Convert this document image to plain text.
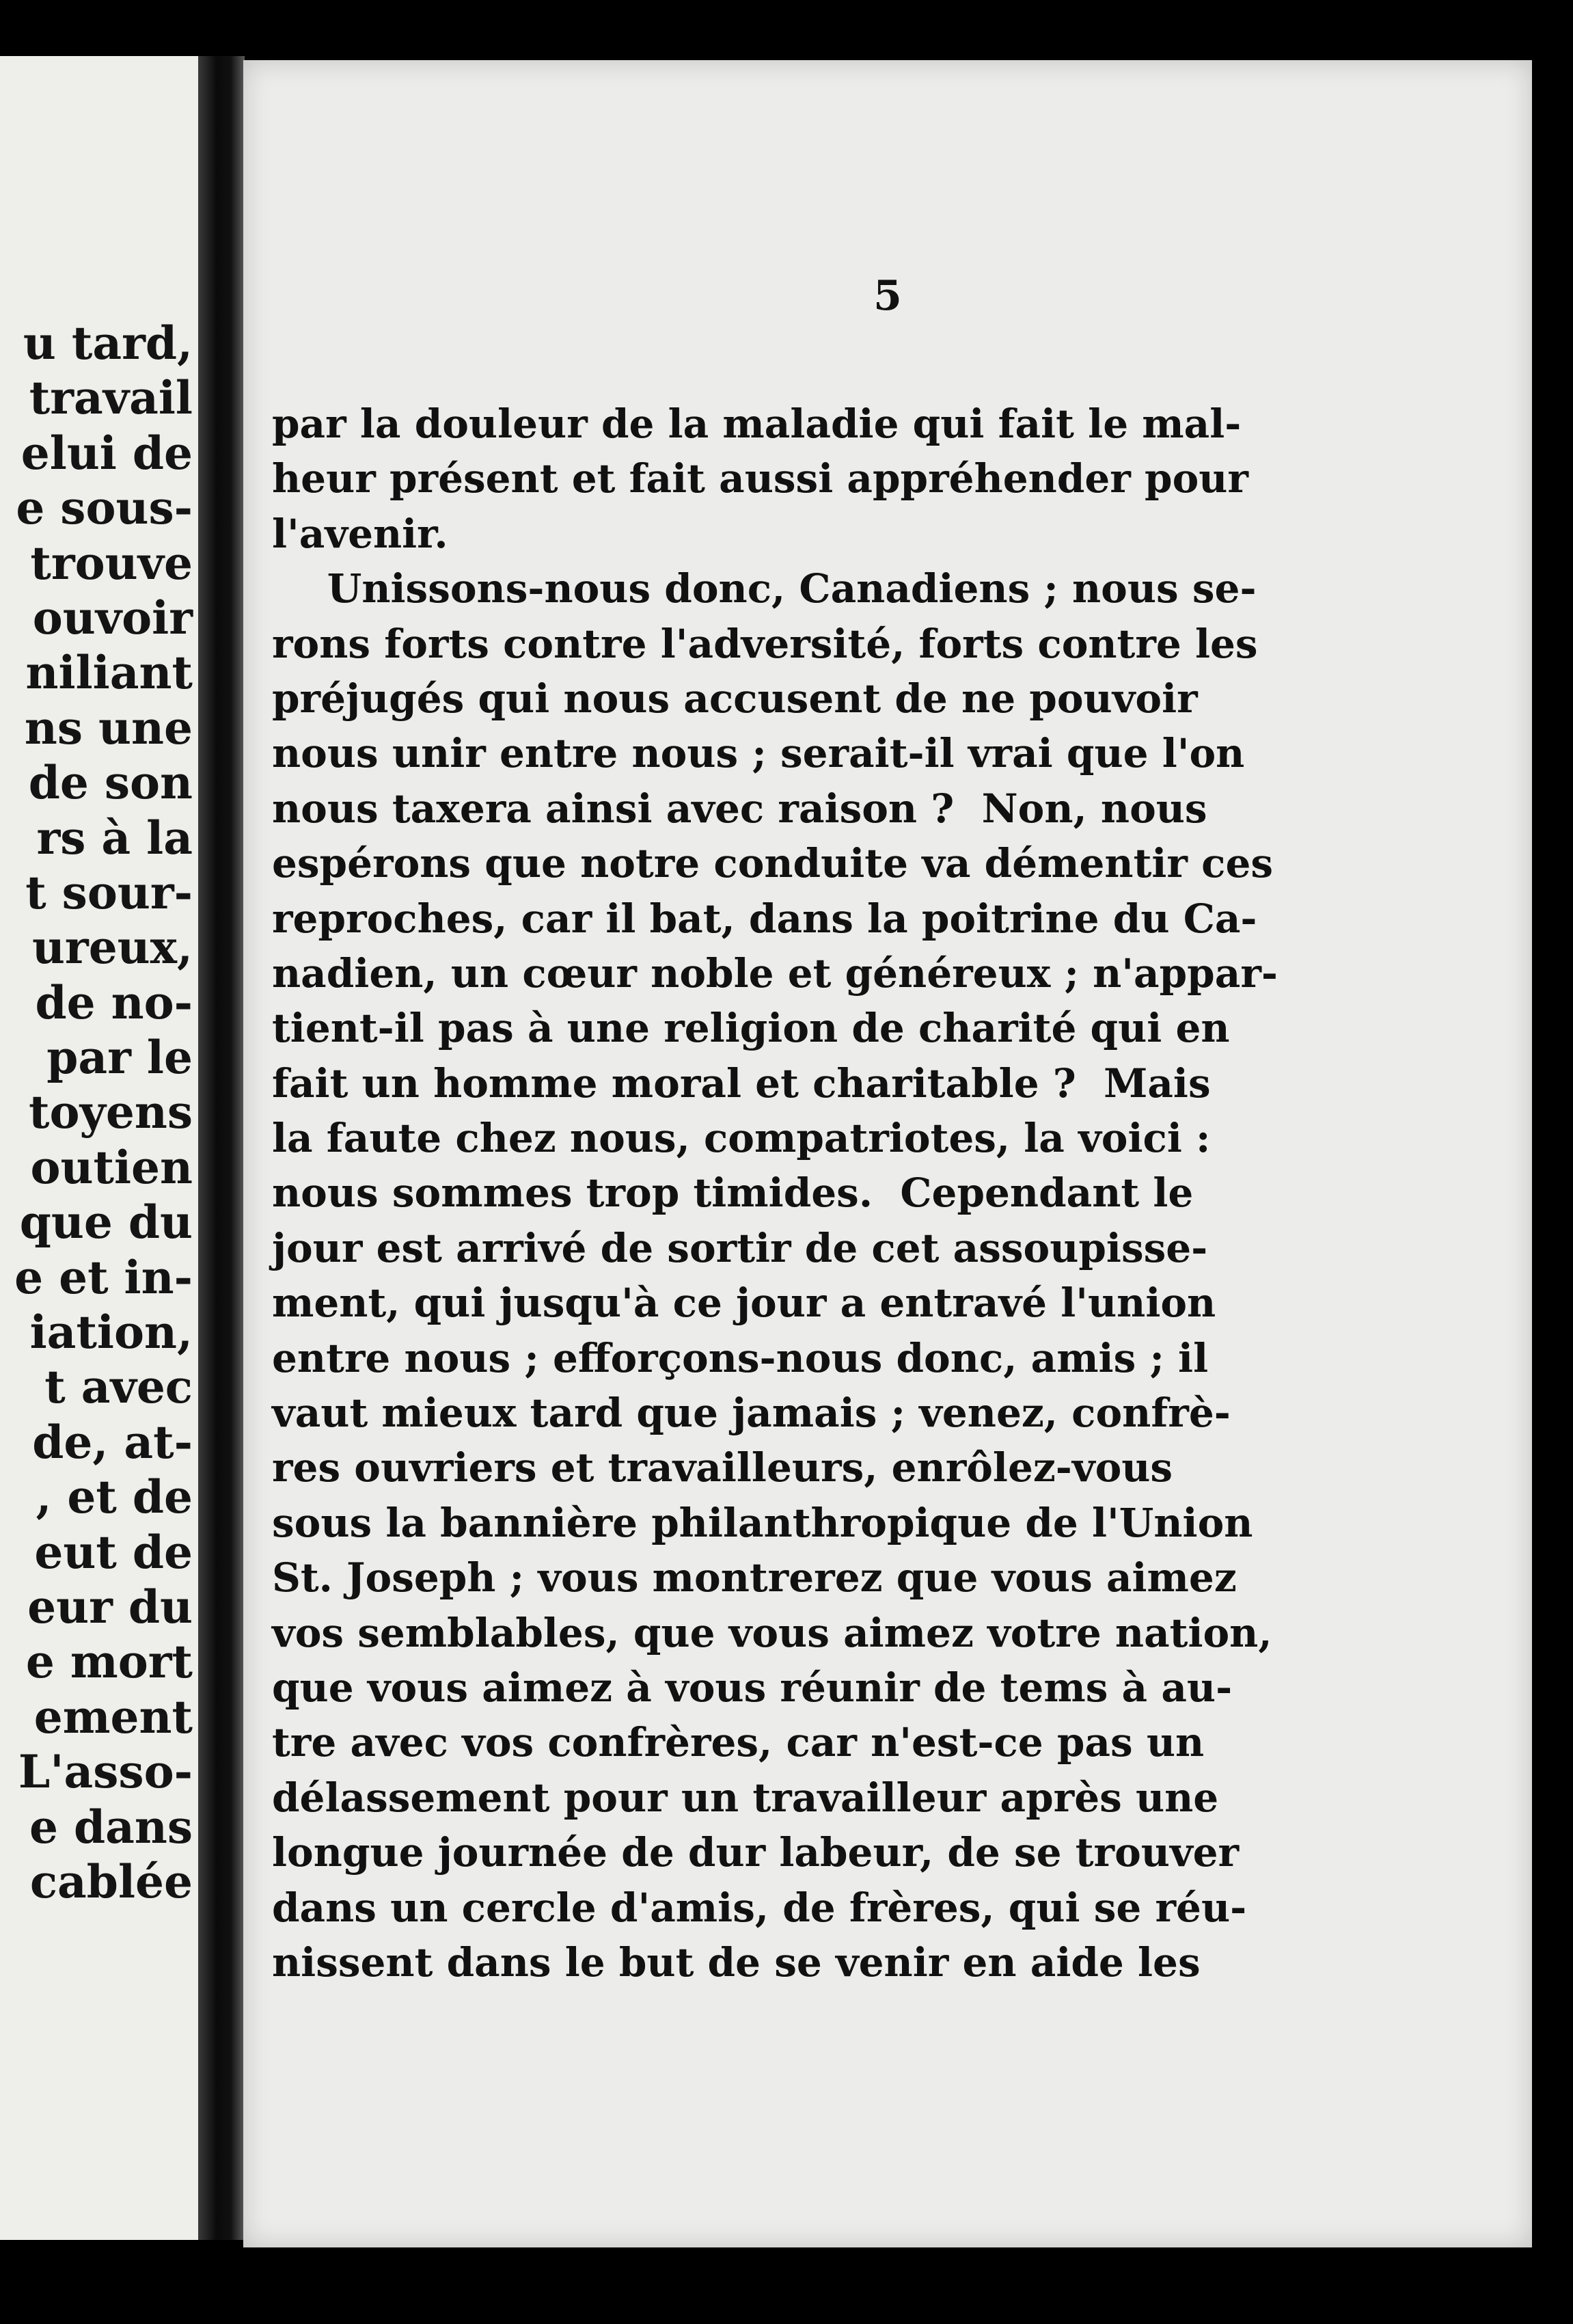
u tard,
travail
elui de
e sous-
trouve
ouvoir
niliant
ns une
de son
rs à la
t sour-
ureux,
de no-
par le
toyens
outien
que du
e et in-
iation,
t avec
de, at-
, et de
eut de
eur du
e mort
ement
L'asso-
e dans
cablée
5
par la douleur de la maladie qui fait le mal-
heur présent et fait aussi appréhender pour
l'avenir.
Unissons-nous donc, Canadiens ; nous se-
rons forts contre l'adversité, forts contre les
préjugés qui nous accusent de ne pouvoir
nous unir entre nous ; serait-il vrai que l'on
nous taxera ainsi avec raison ?  Non, nous
espérons que notre conduite va démentir ces
reproches, car il bat, dans la poitrine du Ca-
nadien, un cœur noble et généreux ; n'appar-
tient-il pas à une religion de charité qui en
fait un homme moral et charitable ?  Mais
la faute chez nous, compatriotes, la voici :
nous sommes trop timides.  Cependant le
jour est arrivé de sortir de cet assoupisse-
ment, qui jusqu'à ce jour a entravé l'union
entre nous ; efforçons-nous donc, amis ; il
vaut mieux tard que jamais ; venez, confrè-
res ouvriers et travailleurs, enrôlez-vous
sous la bannière philanthropique de l'Union
St. Joseph ; vous montrerez que vous aimez
vos semblables, que vous aimez votre nation,
que vous aimez à vous réunir de tems à au-
tre avec vos confrères, car n'est-ce pas un
délassement pour un travailleur après une
longue journée de dur labeur, de se trouver
dans un cercle d'amis, de frères, qui se réu-
nissent dans le but de se venir en aide les
